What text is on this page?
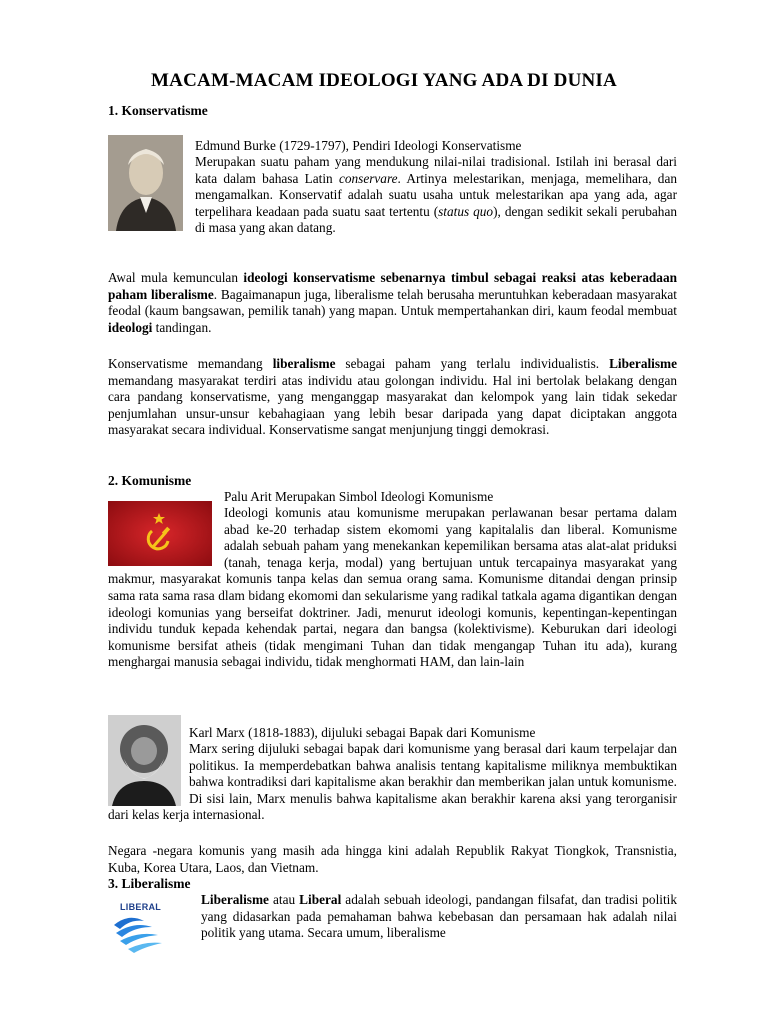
MACAM-MACAM IDEOLOGI YANG ADA DI DUNIA
1. Konservatisme
Edmund Burke (1729-1797), Pendiri Ideologi Konservatisme
Merupakan suatu paham yang mendukung nilai-nilai tradisional. Istilah ini berasal dari kata dalam bahasa Latin conservare. Artinya melestarikan, menjaga, memelihara, dan mengamalkan. Konservatif adalah suatu usaha untuk melestarikan apa yang ada, agar terpelihara keadaan pada suatu saat tertentu (status quo), dengan sedikit sekali perubahan di masa yang akan datang.
Awal mula kemunculan ideologi konservatisme sebenarnya timbul sebagai reaksi atas keberadaan paham liberalisme. Bagaimanapun juga, liberalisme telah berusaha meruntuhkan keberadaan masyarakat feodal (kaum bangsawan, pemilik tanah) yang mapan. Untuk mempertahankan diri, kaum feodal membuat ideologi tandingan.
Konservatisme memandang liberalisme sebagai paham yang terlalu individualistis. Liberalisme memandang masyarakat terdiri atas individu atau golongan individu. Hal ini bertolak belakang dengan cara pandang konservatisme, yang menganggap masyarakat dan kelompok yang lain tidak sekedar penjumlahan unsur-unsur kebahagiaan yang lebih besar daripada yang dapat diciptakan anggota masyarakat secara individual. Konservatisme sangat menjunjung tinggi demokrasi.
2. Komunisme
Palu Arit Merupakan Simbol Ideologi Komunisme
Ideologi komunis atau komunisme merupakan perlawanan besar pertama dalam abad ke-20 terhadap sistem ekomomi yang kapitalalis dan liberal. Komunisme adalah sebuah paham yang menekankan kepemilikan bersama atas alat-alat priduksi (tanah, tenaga kerja, modal) yang bertujuan untuk tercapainya masyarakat yang makmur, masyarakat komunis tanpa kelas dan semua orang sama. Komunisme ditandai dengan prinsip sama rata sama rasa dlam bidang ekomomi dan sekularisme yang radikal tatkala agama digantikan dengan ideologi komunias yang berseifat doktriner. Jadi, menurut ideologi komunis, kepentingan-kepentingan individu tunduk kepada kehendak partai, negara dan bangsa (kolektivisme). Keburukan dari ideologi komunisme bersifat atheis (tidak mengimani Tuhan dan tidak mengangap Tuhan itu ada), kurang menghargai manusia sebagai individu, tidak menghormati HAM, dan lain-lain
Karl Marx (1818-1883), dijuluki sebagai Bapak dari Komunisme
Marx sering dijuluki sebagai bapak dari komunisme yang berasal dari kaum terpelajar dan politikus. Ia memperdebatkan bahwa analisis tentang kapitalisme miliknya membuktikan bahwa kontradiksi dari kapitalisme akan berakhir dan memberikan jalan untuk komunisme. Di sisi lain, Marx menulis bahwa kapitalisme akan berakhir karena aksi yang terorganisir dari kelas kerja internasional.
Negara -negara komunis yang masih ada hingga kini adalah Republik Rakyat Tiongkok, Transnistia, Kuba, Korea Utara, Laos, dan Vietnam.
3. Liberalisme
LIBERAL	Liberalisme atau Liberal adalah sebuah ideologi, pandangan filsafat, dan tradisi politik yang didasarkan pada pemahaman bahwa kebebasan dan persamaan hak adalah nilai politik yang utama. Secara umum, liberalisme
